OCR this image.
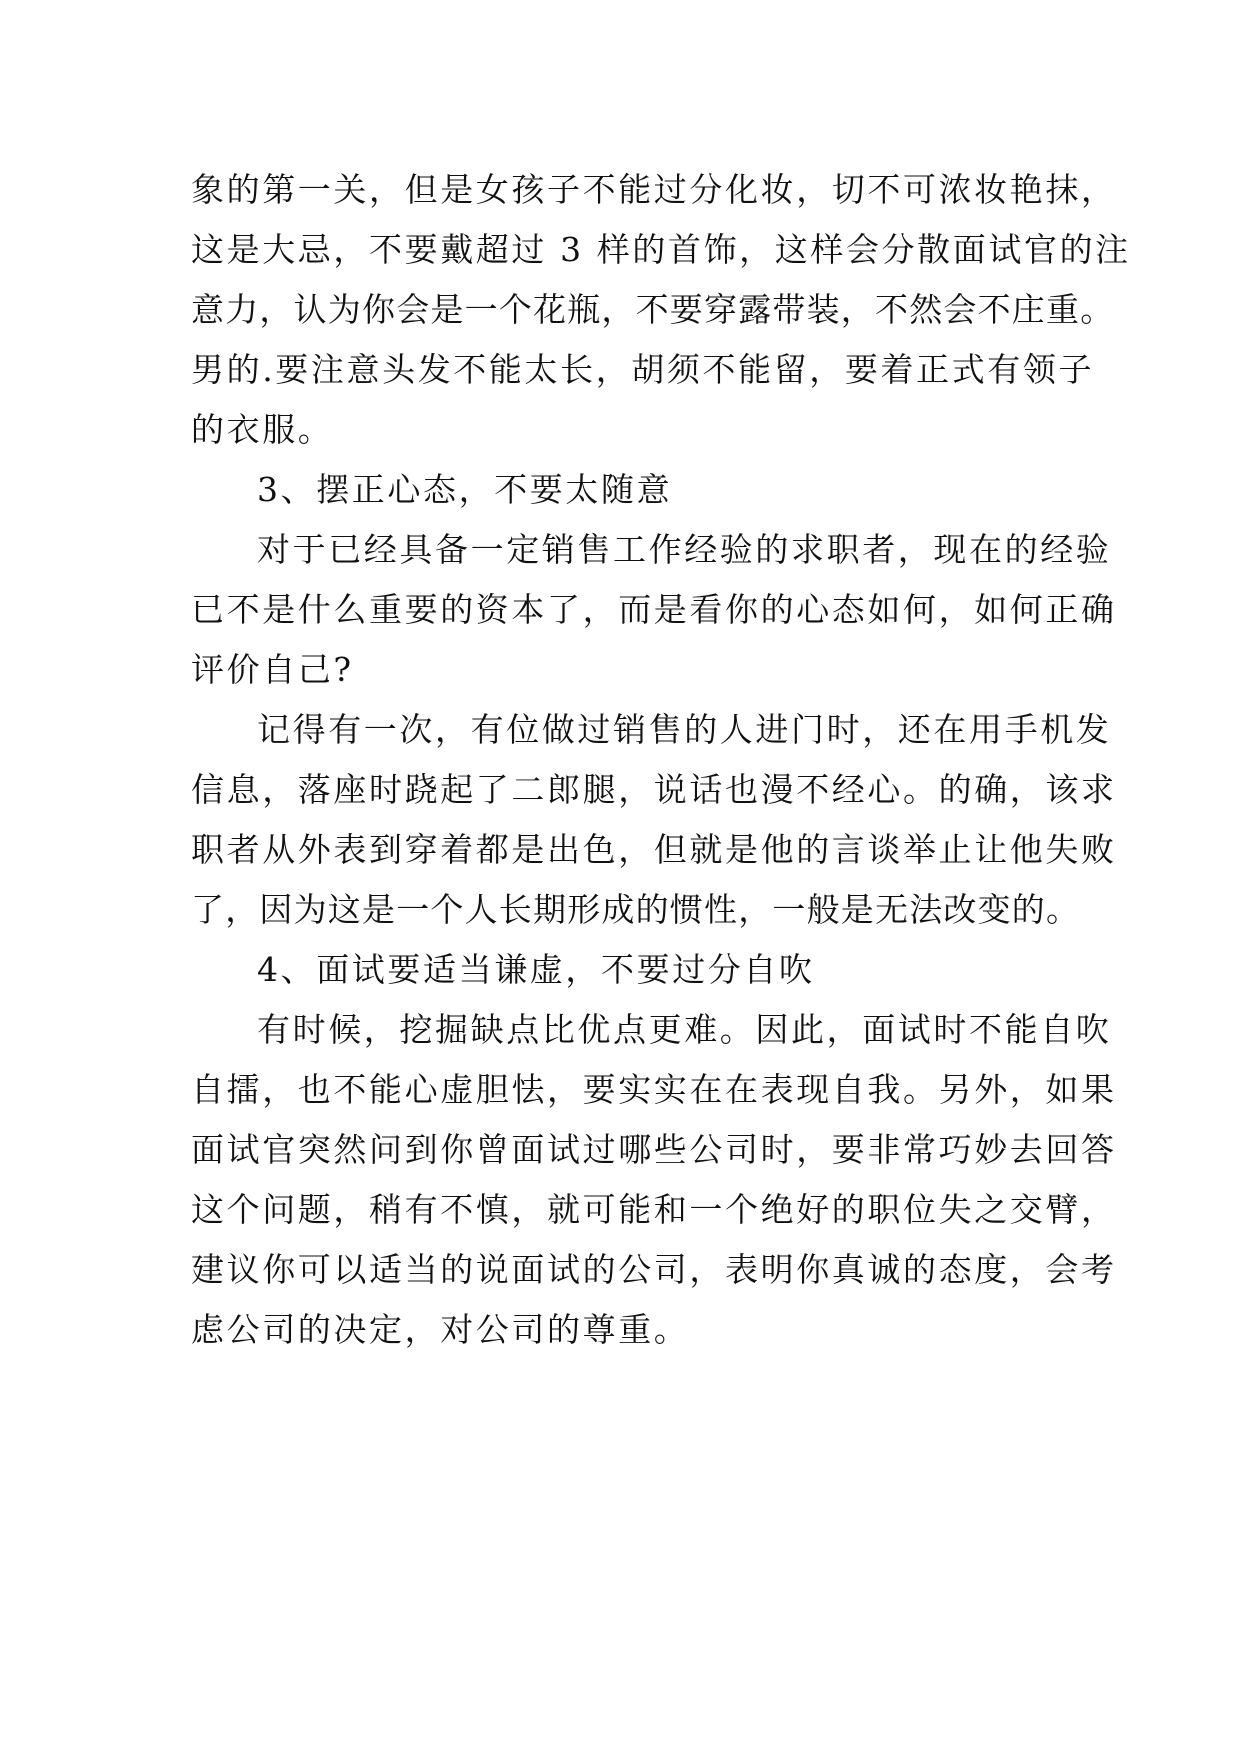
象的第一关，但是女孩子不能过分化妆，切不可浓妆艳抹，
这是大忌，不要戴超过 3 样的首饰，这样会分散面试官的注
意力，认为你会是一个花瓶，不要穿露带装，不然会不庄重。
男的.要注意头发不能太长，胡须不能留，要着正式有领子
的衣服。
3、摆正心态，不要太随意
对于已经具备一定销售工作经验的求职者，现在的经验
已不是什么重要的资本了，而是看你的心态如何，如何正确
评价自己?
记得有一次，有位做过销售的人进门时，还在用手机发
信息，落座时跷起了二郎腿，说话也漫不经心。的确，该求
职者从外表到穿着都是出色，但就是他的言谈举止让他失败
了，因为这是一个人长期形成的惯性，一般是无法改变的。
4、面试要适当谦虚，不要过分自吹
有时候，挖掘缺点比优点更难。因此，面试时不能自吹
自擂，也不能心虚胆怯，要实实在在表现自我。另外，如果
面试官突然问到你曾面试过哪些公司时，要非常巧妙去回答
这个问题，稍有不慎，就可能和一个绝好的职位失之交臂，
建议你可以适当的说面试的公司，表明你真诚的态度，会考
虑公司的决定，对公司的尊重。
